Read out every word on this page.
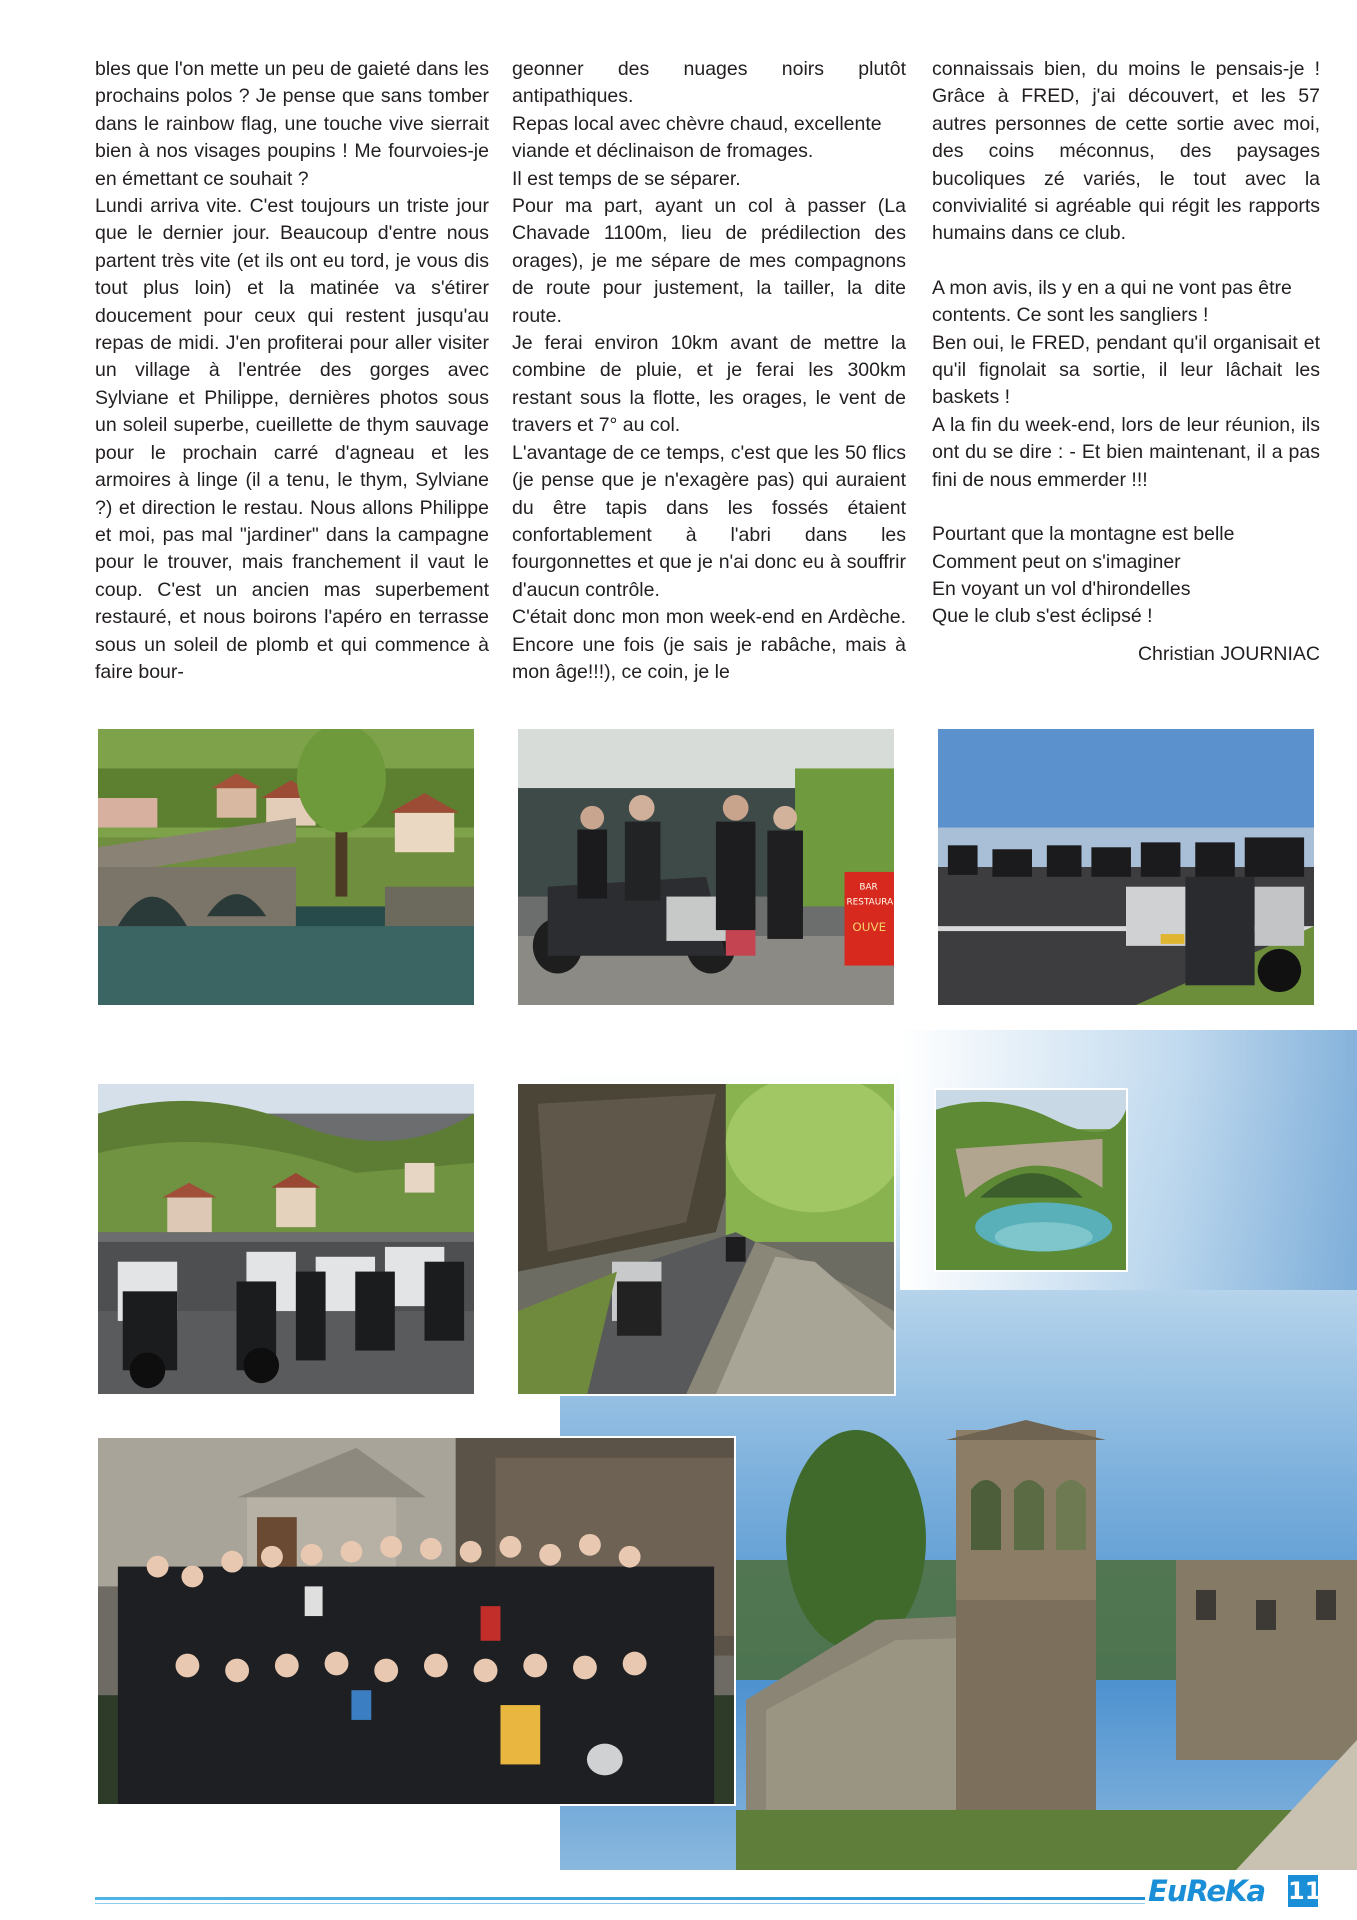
bles que l'on mette un peu de gaieté dans les prochains polos ? Je pense que sans tomber dans le rainbow flag, une touche vive sierrait bien à nos visages poupins ! Me fourvoies-je en émettant ce souhait ?

Lundi arriva vite. C'est toujours un triste jour que le dernier jour. Beaucoup d'entre nous partent très vite (et ils ont eu tord, je vous dis tout plus loin) et la matinée va s'étirer doucement pour ceux qui restent jusqu'au repas de midi. J'en profiterai pour aller visiter un village à l'entrée des gorges avec Sylviane et Philippe, dernières photos sous un soleil superbe, cueillette de thym sauvage pour le prochain carré d'agneau et les armoires à linge (il a tenu, le thym, Sylviane ?) et direction le restau. Nous allons Philippe et moi, pas mal "jardiner" dans la campagne pour le trouver, mais franchement il vaut le coup. C'est un ancien mas superbement restauré, et nous boirons l'apéro en terrasse sous un soleil de plomb et qui commence à faire bour-

geonner des nuages noirs plutôt antipathiques.

Repas local avec chèvre chaud, excellente viande et déclinaison de fromages.

Il est temps de se séparer.

Pour ma part, ayant un col à passer (La Chavade 1100m, lieu de prédilection des orages), je me sépare de mes compagnons de route pour justement, la tailler, la dite route.

Je ferai environ 10km avant de mettre la combine de pluie, et je ferai les 300km restant sous la flotte, les orages, le vent de travers et 7° au col.

L'avantage de ce temps, c'est que les 50 flics (je pense que je n'exagère pas) qui auraient du être tapis dans les fossés étaient confortablement à l'abri dans les fourgonnettes et que je n'ai donc eu à souffrir d'aucun contrôle.

C'était donc mon mon week-end en Ardèche. Encore une fois (je sais je rabâche, mais à mon âge!!!), ce coin, je le

connaissais bien, du moins le pensais-je ! Grâce à FRED, j'ai découvert, et les 57 autres personnes de cette sortie avec moi, des coins méconnus, des paysages bucoliques zé variés, le tout avec la convivialité si agréable qui régit les rapports humains dans ce club.

A mon avis, ils y en a qui ne vont pas être contents. Ce sont les sangliers !

Ben oui, le FRED, pendant qu'il organisait et qu'il fignolait sa sortie, il leur lâchait les baskets !

A la fin du week-end, lors de leur réunion, ils ont du se dire : - Et bien maintenant, il a pas fini de nous emmerder !!!

Pourtant que la montagne est belle

Comment peut on s'imaginer

En voyant un vol d'hirondelles

Que le club s'est éclipsé !

Christian JOURNIAC

BAR
RESTAURA
OUVE
EuReKa 11
